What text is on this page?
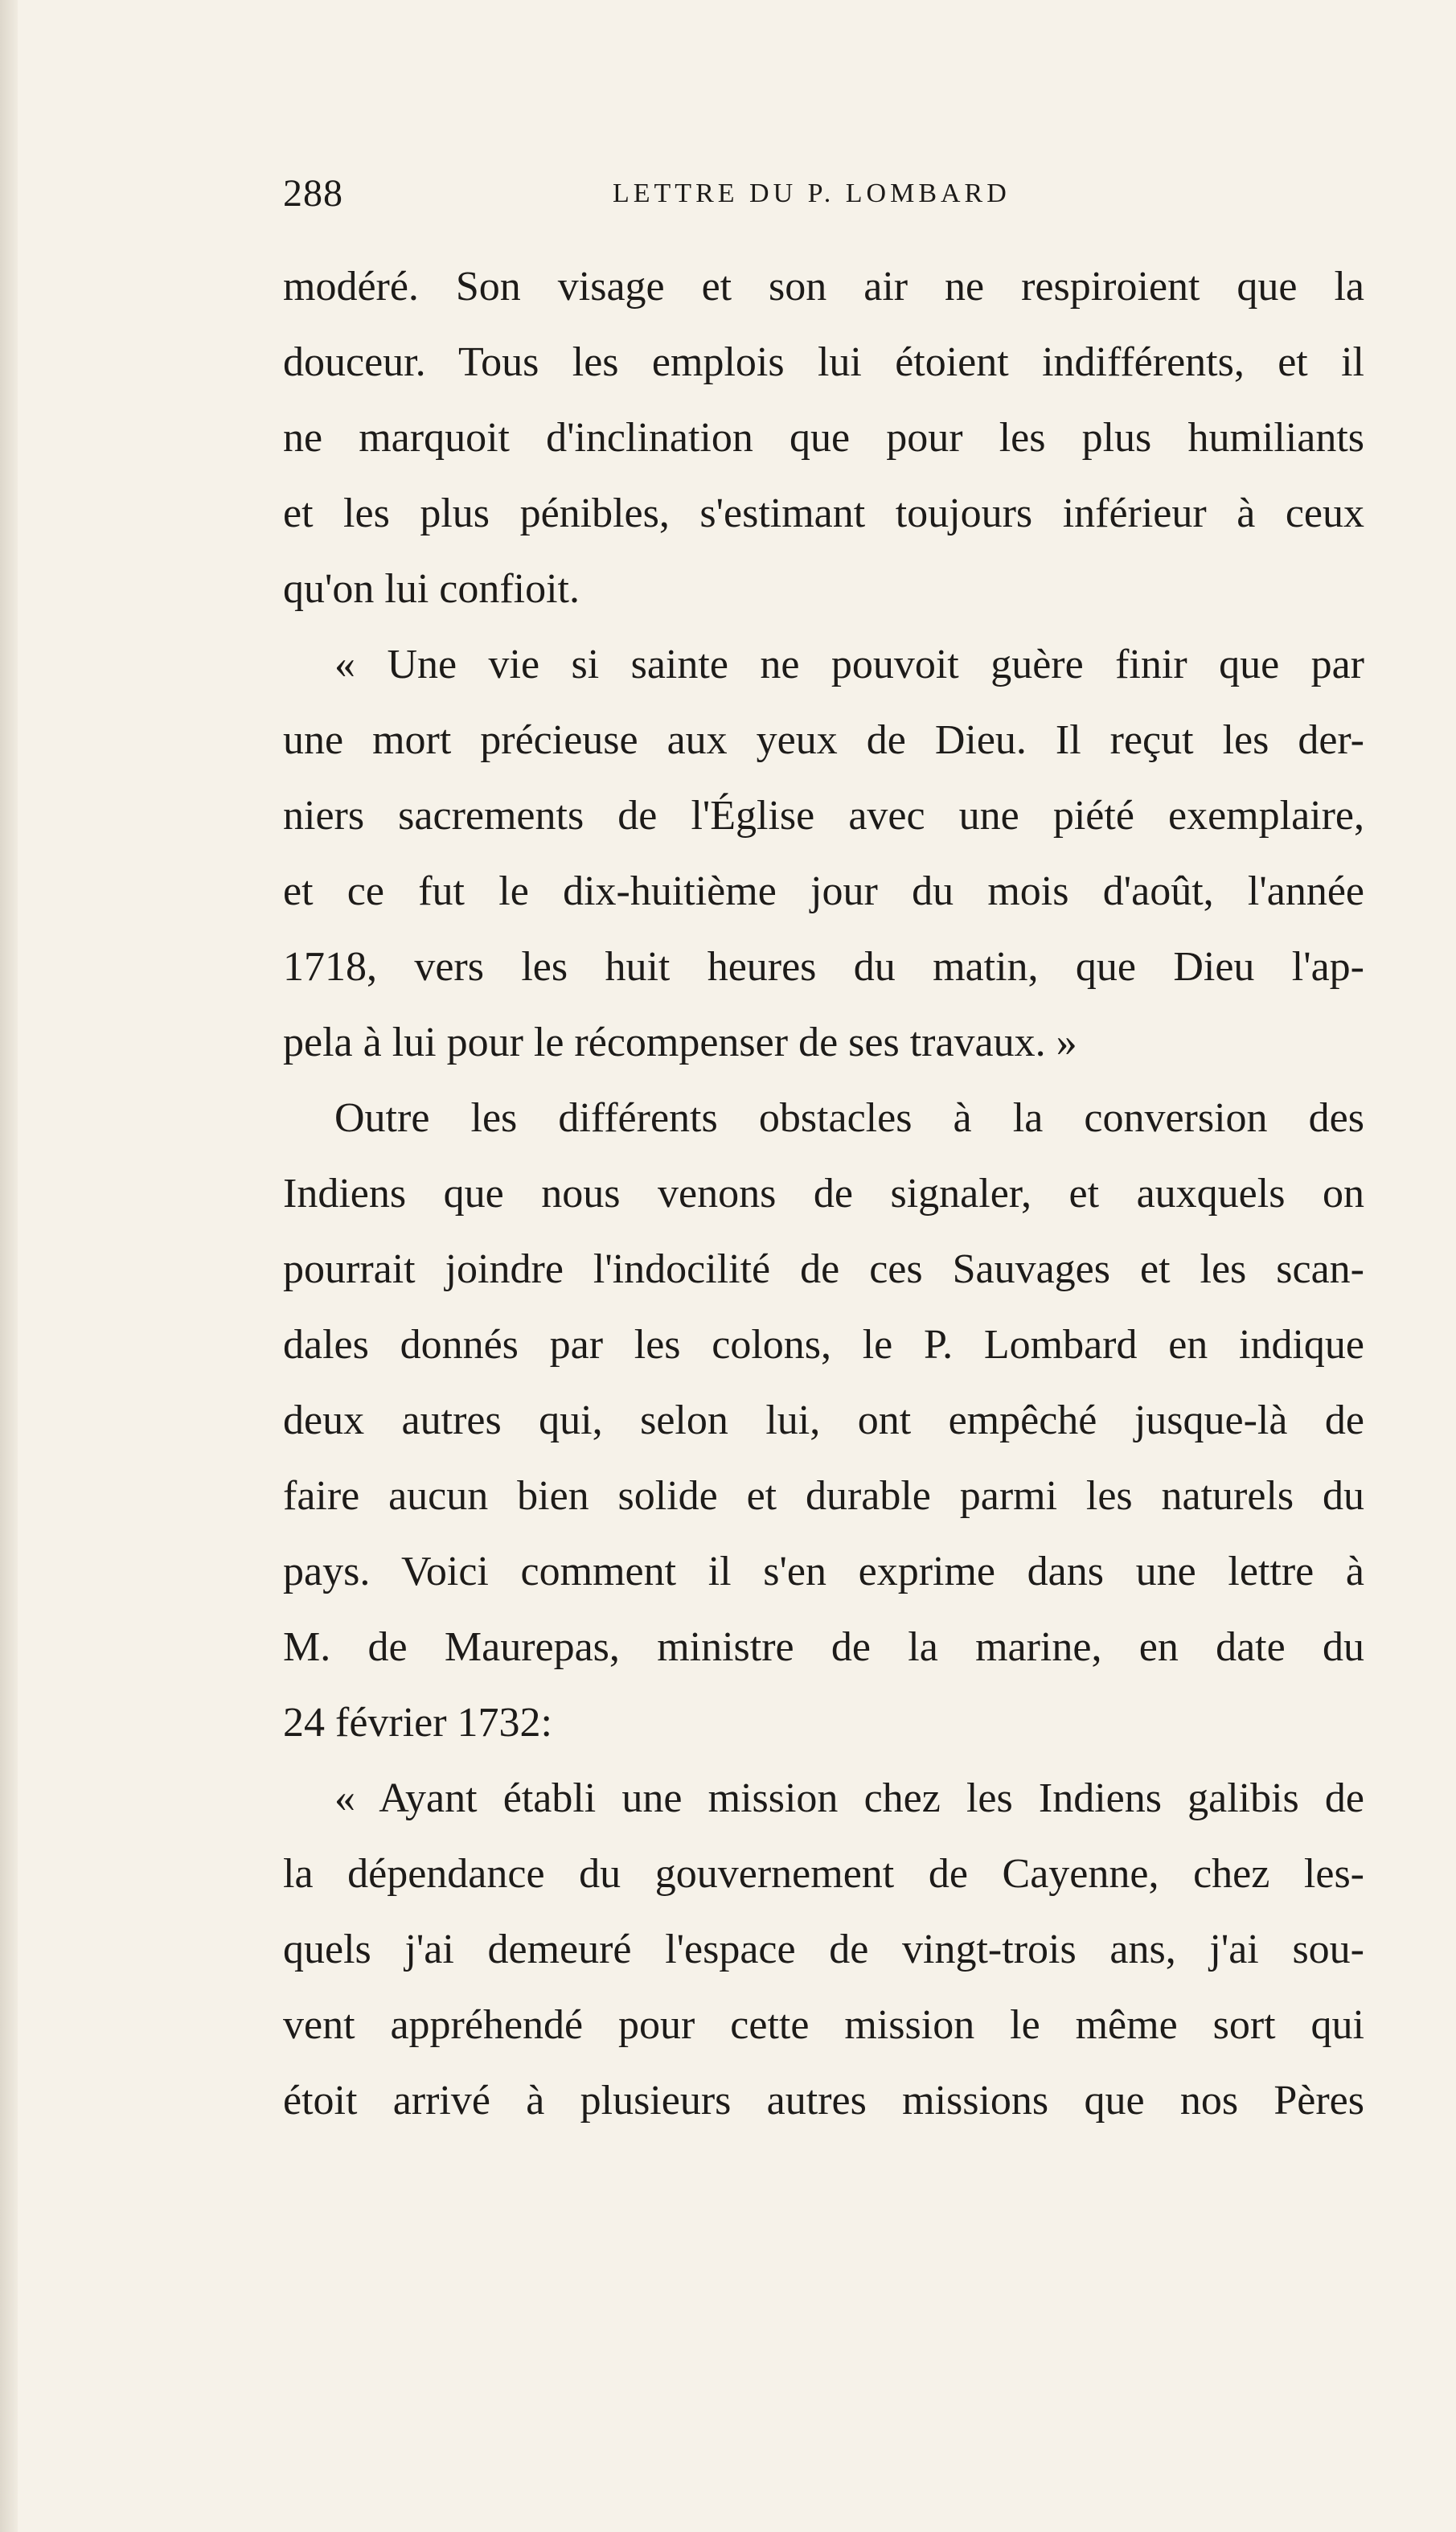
288	LETTRE DU P. LOMBARD
modéré. Son visage et son air ne respiroient que la
douceur. Tous les emplois lui étoient indifférents, et il
ne marquoit d'inclination que pour les plus humiliants
et les plus pénibles, s'estimant toujours inférieur à ceux
qu'on lui confioit.
« Une vie si sainte ne pouvoit guère finir que par
une mort précieuse aux yeux de Dieu. Il reçut les der-
niers sacrements de l'Église avec une piété exemplaire,
et ce fut le dix-huitième jour du mois d'août, l'année
1718, vers les huit heures du matin, que Dieu l'ap-
pela à lui pour le récompenser de ses travaux. »
Outre les différents obstacles à la conversion des
Indiens que nous venons de signaler, et auxquels on
pourrait joindre l'indocilité de ces Sauvages et les scan-
dales donnés par les colons, le P. Lombard en indique
deux autres qui, selon lui, ont empêché jusque-là de
faire aucun bien solide et durable parmi les naturels du
pays. Voici comment il s'en exprime dans une lettre à
M. de Maurepas, ministre de la marine, en date du
24 février 1732:
« Ayant établi une mission chez les Indiens galibis de
la dépendance du gouvernement de Cayenne, chez les-
quels j'ai demeuré l'espace de vingt-trois ans, j'ai sou-
vent appréhendé pour cette mission le même sort qui
étoit arrivé à plusieurs autres missions que nos Pères
